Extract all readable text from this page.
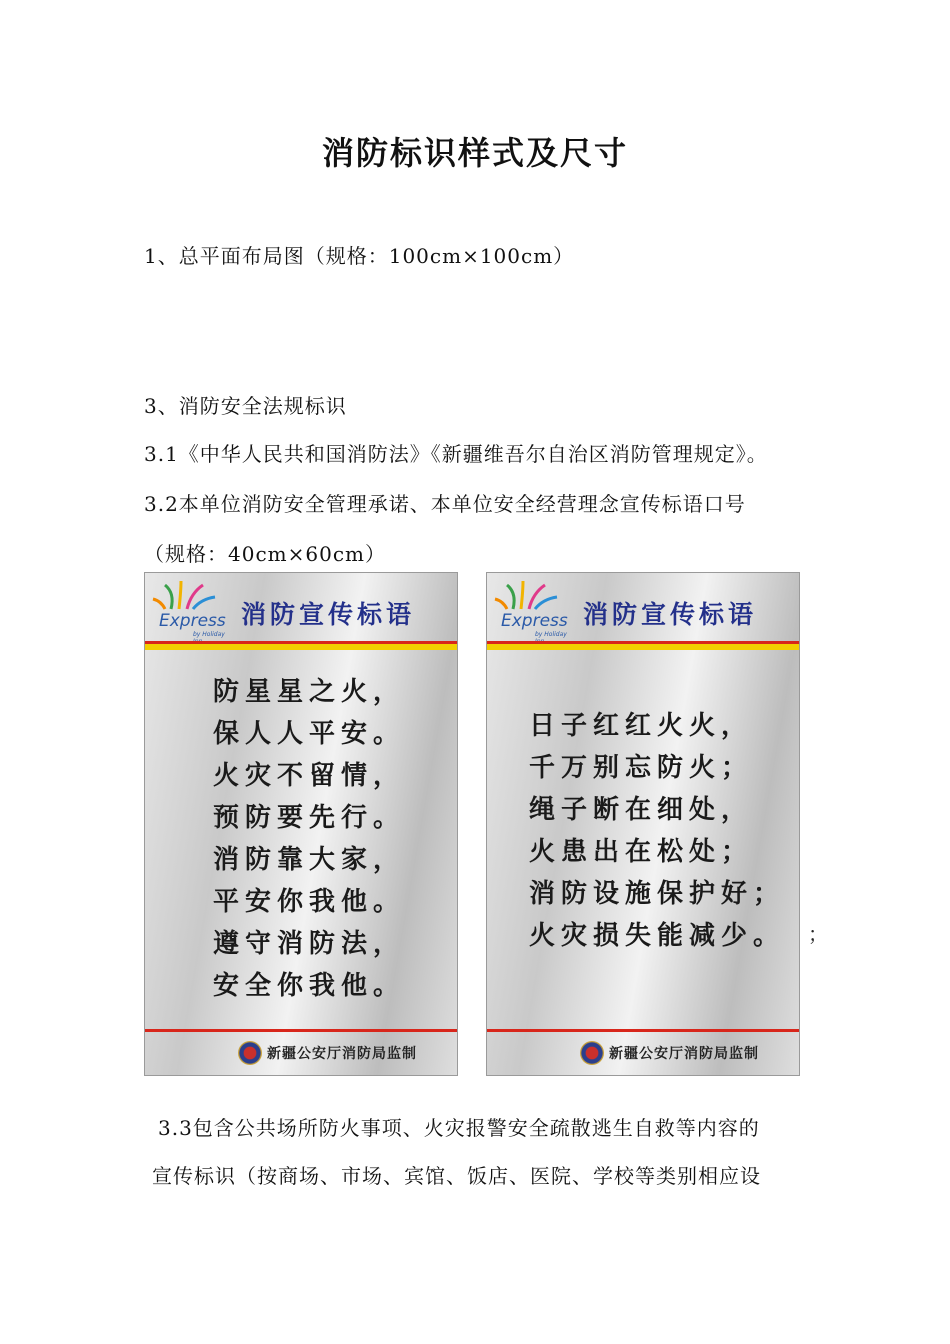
消防标识样式及尺寸
1、总平面布局图（规格：100cm×100cm）
3、消防安全法规标识
3.1《中华人民共和国消防法》《新疆维吾尔自治区消防管理规定》。
3.2本单位消防安全管理承诺、本单位安全经营理念宣传标语口号
（规格：40cm×60cm）
Express
by Holiday
消防宣传标语
防星星之火，
保人人平安。
火灾不留情，
预防要先行。
消防靠大家，
平安你我他。
遵守消防法，
安全你我他。
新疆公安厅消防局监制
Express
by Holiday
消防宣传标语
日子红红火火，
千万别忘防火；
绳子断在细处，
火患出在松处；
消防设施保护好；
火灾损失能减少。
新疆公安厅消防局监制
；
3.3包含公共场所防火事项、火灾报警安全疏散逃生自救等内容的
宣传标识（按商场、市场、宾馆、饭店、医院、学校等类别相应设
